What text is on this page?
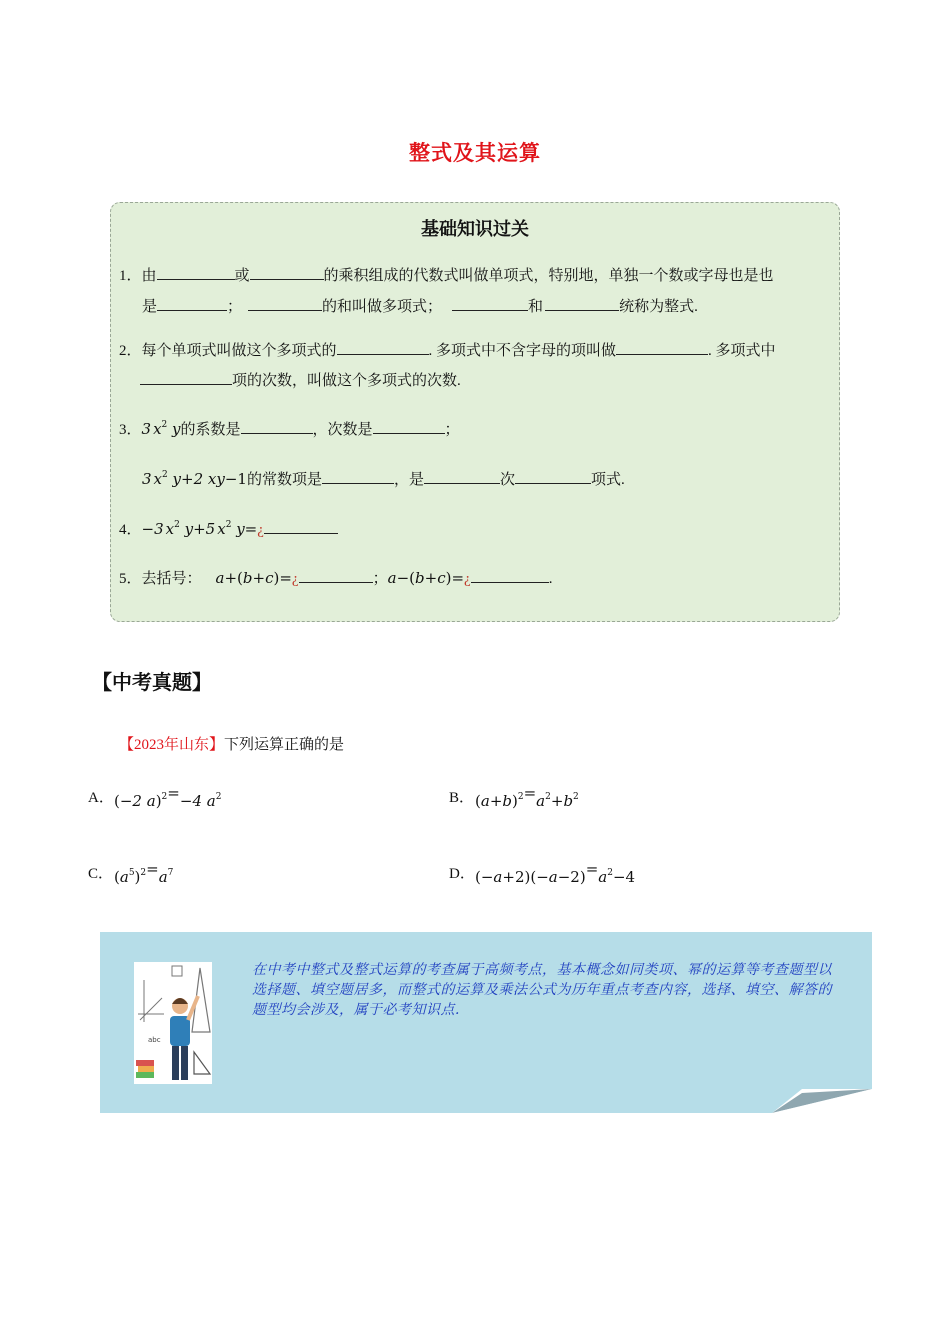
整式及其运算
基础知识过关
1．由	或	的乘积组成的代数式叫做单项式，特别地，单独一个数或字母也是也
是	；	的和叫做多项式；	和	统称为整式.
2．每个单项式叫做这个多项式的	. 多项式中不含字母的项叫做	. 多项式中
项的次数，叫做这个多项式的次数.
3．3 $x^2$ y的系数是	，次数是	；
3 $x^2$ y+2 xy−1的常数项是	，是	次	项式.
4．−3 $x^2$ y+5 $x^2$ y=¿
5．去括号： a+(b+c)=¿	；a−(b+c)=¿	.
【中考真题】
【2023年山东】下列运算正确的是
A． (−2 a)$^2$=−4 $a^2$	B． $(a+b)^2=a^2+b^2$
C． $(a^5)^2=a^7$	D． $(-a+2)(-a-2)=a^2-4$
abc
在中考中整式及整式运算的考查属于高频考点，基本概念如同类项、幂的运算等考查题型以选择题、填空题居多，而整式的运算及乘法公式为历年重点考查内容，选择、填空、解答的题型均会涉及，属于必考知识点.
